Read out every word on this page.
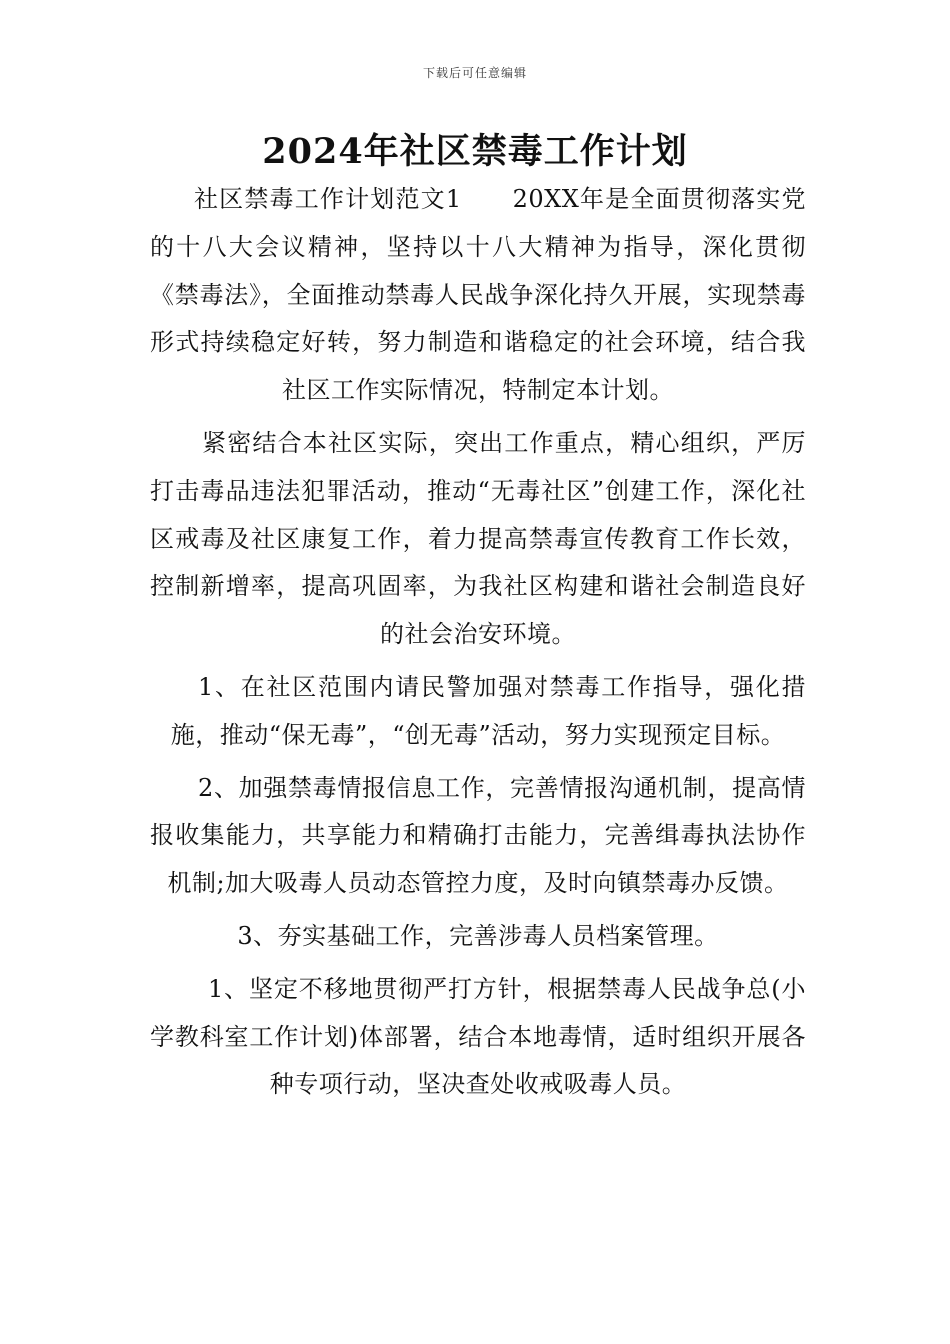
下载后可任意编辑
2024年社区禁毒工作计划

社区禁毒工作计划范文1　　20XX年是全面贯彻落实党的十八大会议精神，坚持以十八大精神为指导，深化贯彻《禁毒法》，全面推动禁毒人民战争深化持久开展，实现禁毒形式持续稳定好转，努力制造和谐稳定的社会环境，结合我社区工作实际情况，特制定本计划。

紧密结合本社区实际，突出工作重点，精心组织，严厉打击毒品违法犯罪活动，推动“无毒社区”创建工作，深化社区戒毒及社区康复工作，着力提高禁毒宣传教育工作长效，控制新增率，提高巩固率，为我社区构建和谐社会制造良好的社会治安环境。

1、在社区范围内请民警加强对禁毒工作指导，强化措施，推动“保无毒”，“创无毒”活动，努力实现预定目标。

2、加强禁毒情报信息工作，完善情报沟通机制，提高情报收集能力，共享能力和精确打击能力，完善缉毒执法协作机制;加大吸毒人员动态管控力度，及时向镇禁毒办反馈。

3、夯实基础工作，完善涉毒人员档案管理。

1、坚定不移地贯彻严打方针，根据禁毒人民战争总(小学教科室工作计划)体部署，结合本地毒情，适时组织开展各种专项行动，坚决查处收戒吸毒人员。
